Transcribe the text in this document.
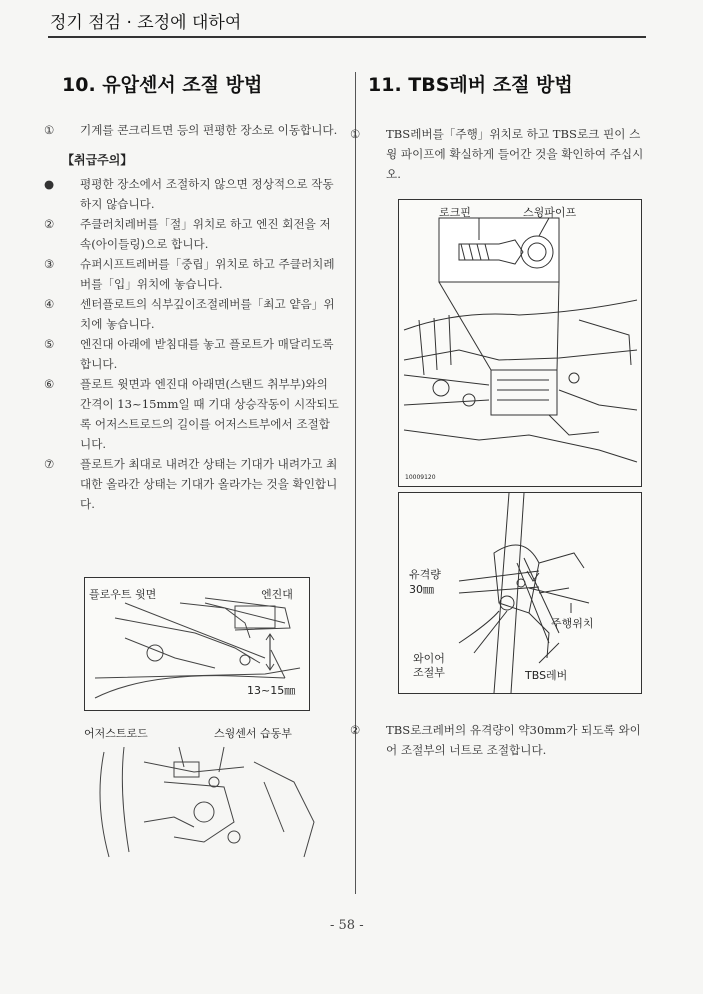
정기 점검 · 조정에 대하여
10. 유압센서 조절 방법

① 기계를 콘크리트면 등의 편평한 장소로 이동합니다.

【취급주의】

● 평평한 장소에서 조절하지 않으면 정상적으로 작동하지 않습니다.

② 주클러치레버를「절」위치로 하고 엔진 회전을 저속(아이들링)으로 합니다.

③ 슈퍼시프트레버를「중립」위치로 하고 주클러치레버를「입」위치에 놓습니다.

④ 센터플로트의 식부깊이조절레버를「최고 얕음」위치에 놓습니다.

⑤ 엔진대 아래에 받침대를 놓고 플로트가 매달리도록 합니다.

⑥ 플로트 윗면과 엔진대 아래면(스탠드 취부부)와의 간격이 13~15mm일 때 기대 상승작동이 시작되도록 어저스트로드의 길이를 어저스트부에서 조절합니다.

⑦ 플로트가 최대로 내려간 상태는 기대가 내려가고 최대한 올라간 상태는 기대가 올라가는 것을 확인합니다.

플로우트 윗면	엔진대
13~15㎜
어저스트로드	스윙센서 습동부
11. TBS레버 조절 방법

① TBS레버를「주행」위치로 하고 TBS로크 핀이 스윙 파이프에 확실하게 들어간 것을 확인하여 주십시오.

로크핀	스윙파이프
10009120
유격량
30㎜
주행위치
와이어
조절부	TBS레버

② TBS로크레버의 유격량이 약30mm가 되도록 와이어 조절부의 너트로 조절합니다.

- 58 -
